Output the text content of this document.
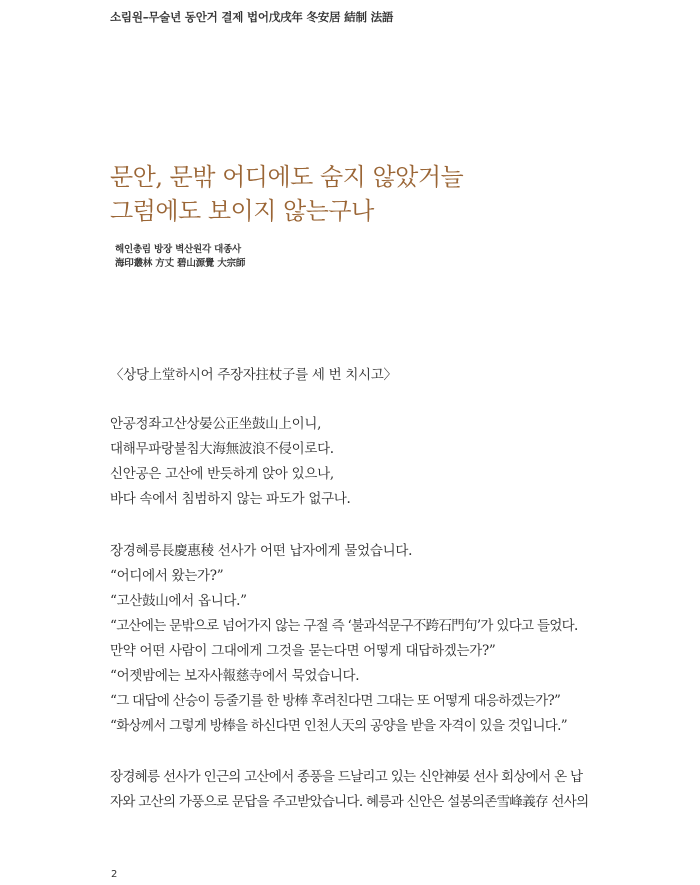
소림원–무술년 동안거 결제 법어戊戌年 冬安居 結制 法語
문안, 문밖 어디에도 숨지 않았거늘
그럼에도 보이지 않는구나
해인총림 방장 벽산원각 대종사
海印叢林 方丈 碧山源覺 大宗師
〈상당上堂하시어 주장자拄杖子를 세 번 치시고〉
안공정좌고산상晏公正坐鼓山上이니,
대해무파랑불침大海無波浪不侵이로다.
신안공은 고산에 반듯하게 앉아 있으나,
바다 속에서 침범하지 않는 파도가 없구나.
장경혜릉長慶惠稜 선사가 어떤 납자에게 물었습니다.
“어디에서 왔는가?”
“고산鼓山에서 옵니다.”
“고산에는 문밖으로 넘어가지 않는 구절 즉 ‘불과석문구不跨石門句’가 있다고 들었다.
만약 어떤 사람이 그대에게 그것을 묻는다면 어떻게 대답하겠는가?”
“어젯밤에는 보자사報慈寺에서 묵었습니다.
“그 대답에 산승이 등줄기를 한 방棒 후려친다면 그대는 또 어떻게 대응하겠는가?”
“화상께서 그렇게 방棒을 하신다면 인천人天의 공양을 받을 자격이 있을 것입니다.”
장경혜릉 선사가 인근의 고산에서 종풍을 드날리고 있는 신안神晏 선사 회상에서 온 납
자와 고산의 가풍으로 문답을 주고받았습니다. 혜릉과 신안은 설봉의존雪峰義存 선사의
2
